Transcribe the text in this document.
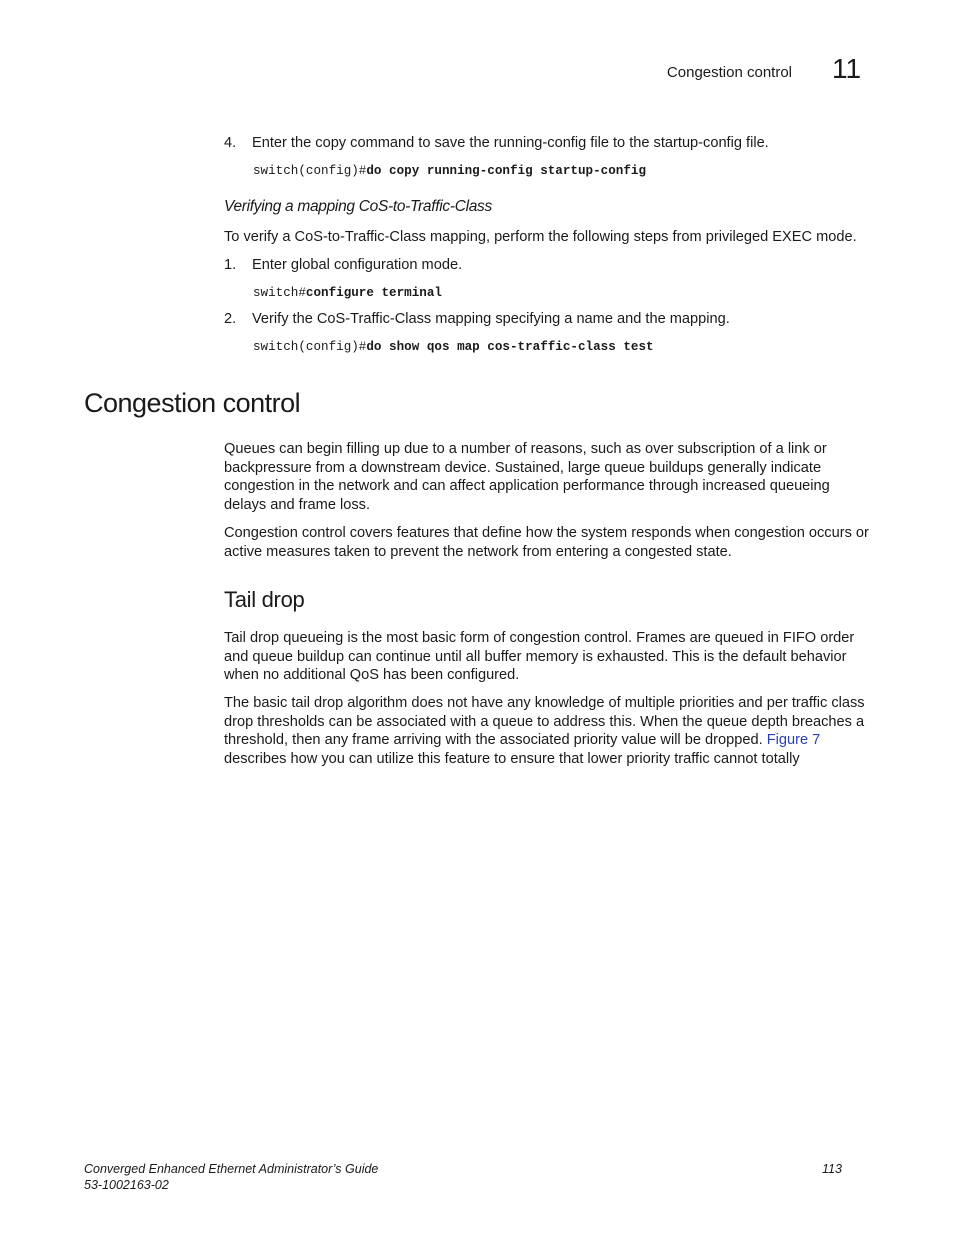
Congestion control 11
4. Enter the copy command to save the running-config file to the startup-config file.
switch(config)#do copy running-config startup-config
Verifying a mapping CoS-to-Traffic-Class
To verify a CoS-to-Traffic-Class mapping, perform the following steps from privileged EXEC mode.
1. Enter global configuration mode.
switch#configure terminal
2. Verify the CoS-Traffic-Class mapping specifying a name and the mapping.
switch(config)#do show qos map cos-traffic-class test
Congestion control

Queues can begin filling up due to a number of reasons, such as over subscription of a link or backpressure from a downstream device. Sustained, large queue buildups generally indicate congestion in the network and can affect application performance through increased queueing delays and frame loss.

Congestion control covers features that define how the system responds when congestion occurs or active measures taken to prevent the network from entering a congested state.

Tail drop

Tail drop queueing is the most basic form of congestion control. Frames are queued in FIFO order and queue buildup can continue until all buffer memory is exhausted. This is the default behavior when no additional QoS has been configured.

The basic tail drop algorithm does not have any knowledge of multiple priorities and per traffic class drop thresholds can be associated with a queue to address this. When the queue depth breaches a threshold, then any frame arriving with the associated priority value will be dropped. Figure 7 describes how you can utilize this feature to ensure that lower priority traffic cannot totally

Converged Enhanced Ethernet Administrator’s Guide
53-1002163-02
113
